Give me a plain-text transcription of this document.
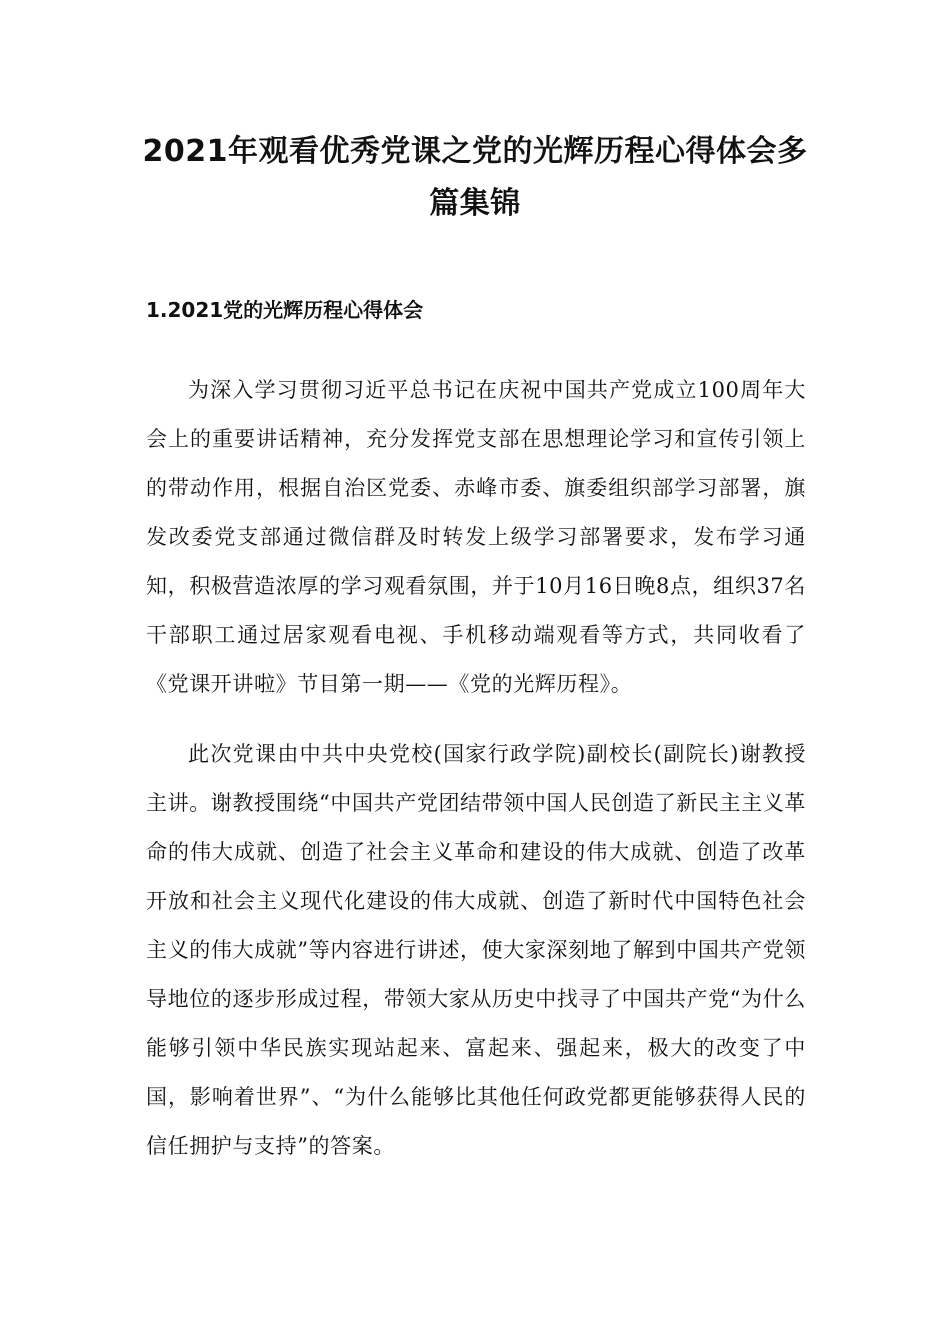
2021年观看优秀党课之党的光辉历程心得体会多篇集锦
1.2021党的光辉历程心得体会

为深入学习贯彻习近平总书记在庆祝中国共产党成立100周年大会上的重要讲话精神，充分发挥党支部在思想理论学习和宣传引领上的带动作用，根据自治区党委、赤峰市委、旗委组织部学习部署，旗发改委党支部通过微信群及时转发上级学习部署要求，发布学习通知，积极营造浓厚的学习观看氛围，并于10月16日晚8点，组织37名干部职工通过居家观看电视、手机移动端观看等方式，共同收看了《党课开讲啦》节目第一期——《党的光辉历程》。

此次党课由中共中央党校(国家行政学院)副校长(副院长)谢教授主讲。谢教授围绕“中国共产党团结带领中国人民创造了新民主主义革命的伟大成就、创造了社会主义革命和建设的伟大成就、创造了改革开放和社会主义现代化建设的伟大成就、创造了新时代中国特色社会主义的伟大成就”等内容进行讲述，使大家深刻地了解到中国共产党领导地位的逐步形成过程，带领大家从历史中找寻了中国共产党“为什么能够引领中华民族实现站起来、富起来、强起来，极大的改变了中国，影响着世界”、“为什么能够比其他任何政党都更能够获得人民的信任拥护与支持”的答案。
